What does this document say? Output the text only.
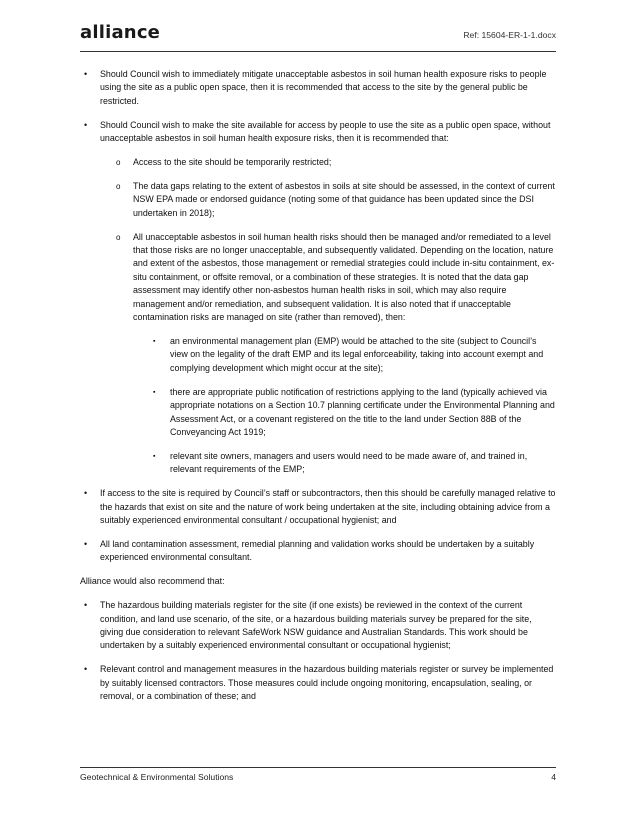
alliance	Ref: 15604-ER-1-1.docx
• Should Council wish to immediately mitigate unacceptable asbestos in soil human health exposure risks to people using the site as a public open space, then it is recommended that access to the site by the general public be restricted.
• Should Council wish to make the site available for access by people to use the site as a public open space, without unacceptable asbestos in soil human health exposure risks, then it is recommended that:
o Access to the site should be temporarily restricted;
o The data gaps relating to the extent of asbestos in soils at site should be assessed, in the context of current NSW EPA made or endorsed guidance (noting some of that guidance has been updated since the DSI undertaken in 2018);
o All unacceptable asbestos in soil human health risks should then be managed and/or remediated to a level that those risks are no longer unacceptable, and subsequently validated. Depending on the location, nature and extent of the asbestos, those management or remedial strategies could include in-situ containment, ex-situ containment, or offsite removal, or a combination of these strategies. It is noted that the data gap assessment may identify other non-asbestos human health risks in soil, which may also require management and/or remediation, and subsequent validation. It is also noted that if unacceptable contamination risks are managed on site (rather than removed), then:
▪ an environmental management plan (EMP) would be attached to the site (subject to Council’s view on the legality of the draft EMP and its legal enforceability, taking into account exempt and complying development which might occur at the site);
▪ there are appropriate public notification of restrictions applying to the land (typically achieved via appropriate notations on a Section 10.7 planning certificate under the Environmental Planning and Assessment Act, or a covenant registered on the title to the land under Section 88B of the Conveyancing Act 1919;
▪ relevant site owners, managers and users would need to be made aware of, and trained in, relevant requirements of the EMP;
• If access to the site is required by Council’s staff or subcontractors, then this should be carefully managed relative to the hazards that exist on site and the nature of work being undertaken at the site, including obtaining advice from a suitably experienced environmental consultant / occupational hygienist; and
• All land contamination assessment, remedial planning and validation works should be undertaken by a suitably experienced environmental consultant.
Alliance would also recommend that:
• The hazardous building materials register for the site (if one exists) be reviewed in the context of the current condition, and land use scenario, of the site, or a hazardous building materials survey be prepared for the site, giving due consideration to relevant SafeWork NSW guidance and Australian Standards. This work should be undertaken by a suitably experienced environmental consultant or occupational hygienist;
• Relevant control and management measures in the hazardous building materials register or survey be implemented by suitably licensed contractors. Those measures could include ongoing monitoring, encapsulation, sealing, or removal, or a combination of these; and
Geotechnical & Environmental Solutions	4
